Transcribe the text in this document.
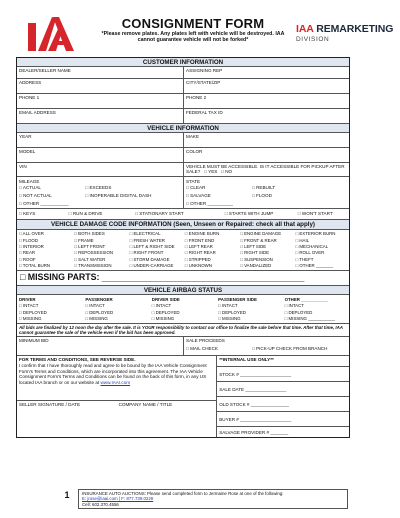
CONSIGNMENT FORM
*Please remove plates. Any plates left with vehicle will be destroyed. IAA cannot guarantee vehicle will not be forked*
IAA REMARKETING
DIVISION
CUSTOMER INFORMATION
DEALER/SELLER NAME	ASSIGNING REP
ADDRESS	CITY/STATE/ZIP
PHONE 1	PHONE 2
EMAIL ADDRESS	FEDERAL TAX ID
VEHICLE INFORMATION
YEAR	MAKE
MODEL	COLOR
VIN	VEHICLE MUST BE ACCESSIBLE. IS IT ACCESSIBLE FOR PICKUP AFTER SALE? □ YES □ NO
MILEAGE
□ ACTUAL	□ EXCEEDS
□ NOT ACTUAL	□ INOPERABLE DIGITAL DASH
□ OTHER ___________
STATE
□ CLEAR	□ REBUILT
□ SALVAGE	□ FLOOD
□ OTHER __________
□ KEYS	□ RUN & DRIVE	□ STATIONARY START	□ STARTS WITH JUMP	□ WON'T START
VEHICLE DAMAGE CODE INFORMATION (Seen, Unseen or Repaired: check all that apply)
□ ALL OVER	□ BOTH SIDES	□ ELECTRICAL	□ ENGINE BURN	□ ENGINE DAMAGE	□ EXTERIOR BURN
□ FLOOD	□ FRAME	□ FRESH WATER	□ FRONT END	□ FRONT & REAR	□ HAIL
□ INTERIOR	□ LEFT FRONT	□ LEFT & RIGHT SIDE	□ LEFT REAR	□ LEFT SIDE	□ MECHANICAL
□ REAR	□ REPOSSESSION	□ RIGHT FRONT	□ RIGHT REAR	□ RIGHT SIDE	□ ROLL OVER
□ ROOF	□ SALT WATER	□ STORM DAMAGE	□ STRIPPED	□ SUSPENSION	□ THEFT
□ TOTAL BURN	□ TRANSMISSION	□ UNDER-CARRIAGE	□ UNKNOWN	□ VANDALIZED	□ OTHER _______
□ MISSING PARTS: ________________________________________________________
VEHICLE AIRBAG STATUS
DRIVER	PASSENGER	DRIVER SIDE	PASSENGER SIDE	OTHER ___________
□ INTACT	□ INTACT	□ INTACT	□ INTACT	□ INTACT
□ DEPLOYED	□ DEPLOYED	□ DEPLOYED	□ DEPLOYED	□ DEPLOYED
□ MISSING	□ MISSING	□ MISSING	□ MISSING	□ MISSING ___________
All bids are finalized by 12 noon the day after the sale. It is YOUR responsibility to contact our office to finalize the sale before that time. After that time, IAA cannot guarantee the sale of the vehicle even if the bid has been approved.
MINIMUM BID	SALE PROCEEDS
□ MAIL CHECK	□ PICK-UP CHECK FROM BRANCH
FOR TERMS AND CONDITIONS, SEE REVERSE SIDE.
I confirm that I have thoroughly read and agree to be bound by the IAA Vehicle Consignment Form's Terms and Conditions, which are incorporated into this agreement. The IAA Vehicle Consignment Form's Terms and Conditions can be found on the back of this form, in any US located IAA branch or on our website at www.IAAI.com
SELLER SIGNATURE / DATE	COMPANY NAME / TITLE
**INTERNAL USE ONLY**
STOCK # ____________________
SALE DATE ________________
OLD STOCK # _______________
BUYER # ____________________
SALVAGE PROVIDER # _______
1	INSURANCE AUTO AUCTIONS: Please send completed form to Jermaine Rose at one of the following:
E: jrose@iaai.com | F: 877.739.0229
Cell: 602.370.4556
